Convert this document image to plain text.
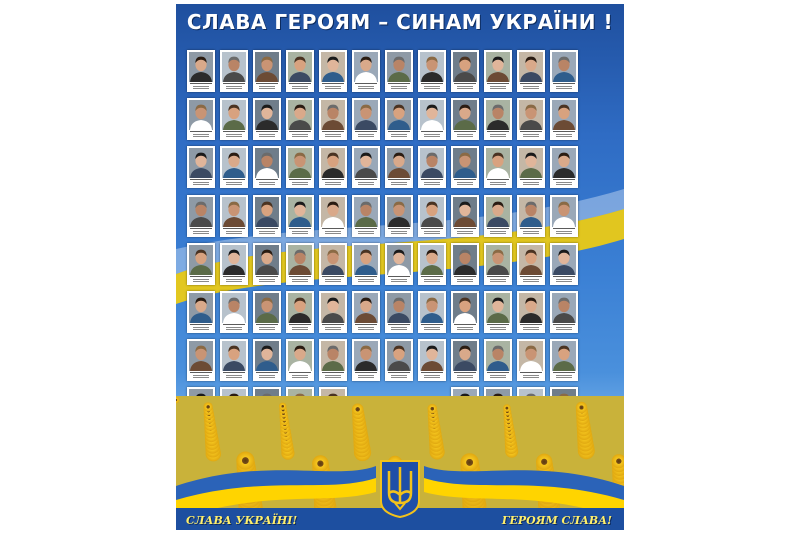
СЛАВА ГЕРОЯМ – СИНАМ УКРАЇНИ !
СЛАВА УКРАЇНІ!	ГЕРОЯМ СЛАВА!
